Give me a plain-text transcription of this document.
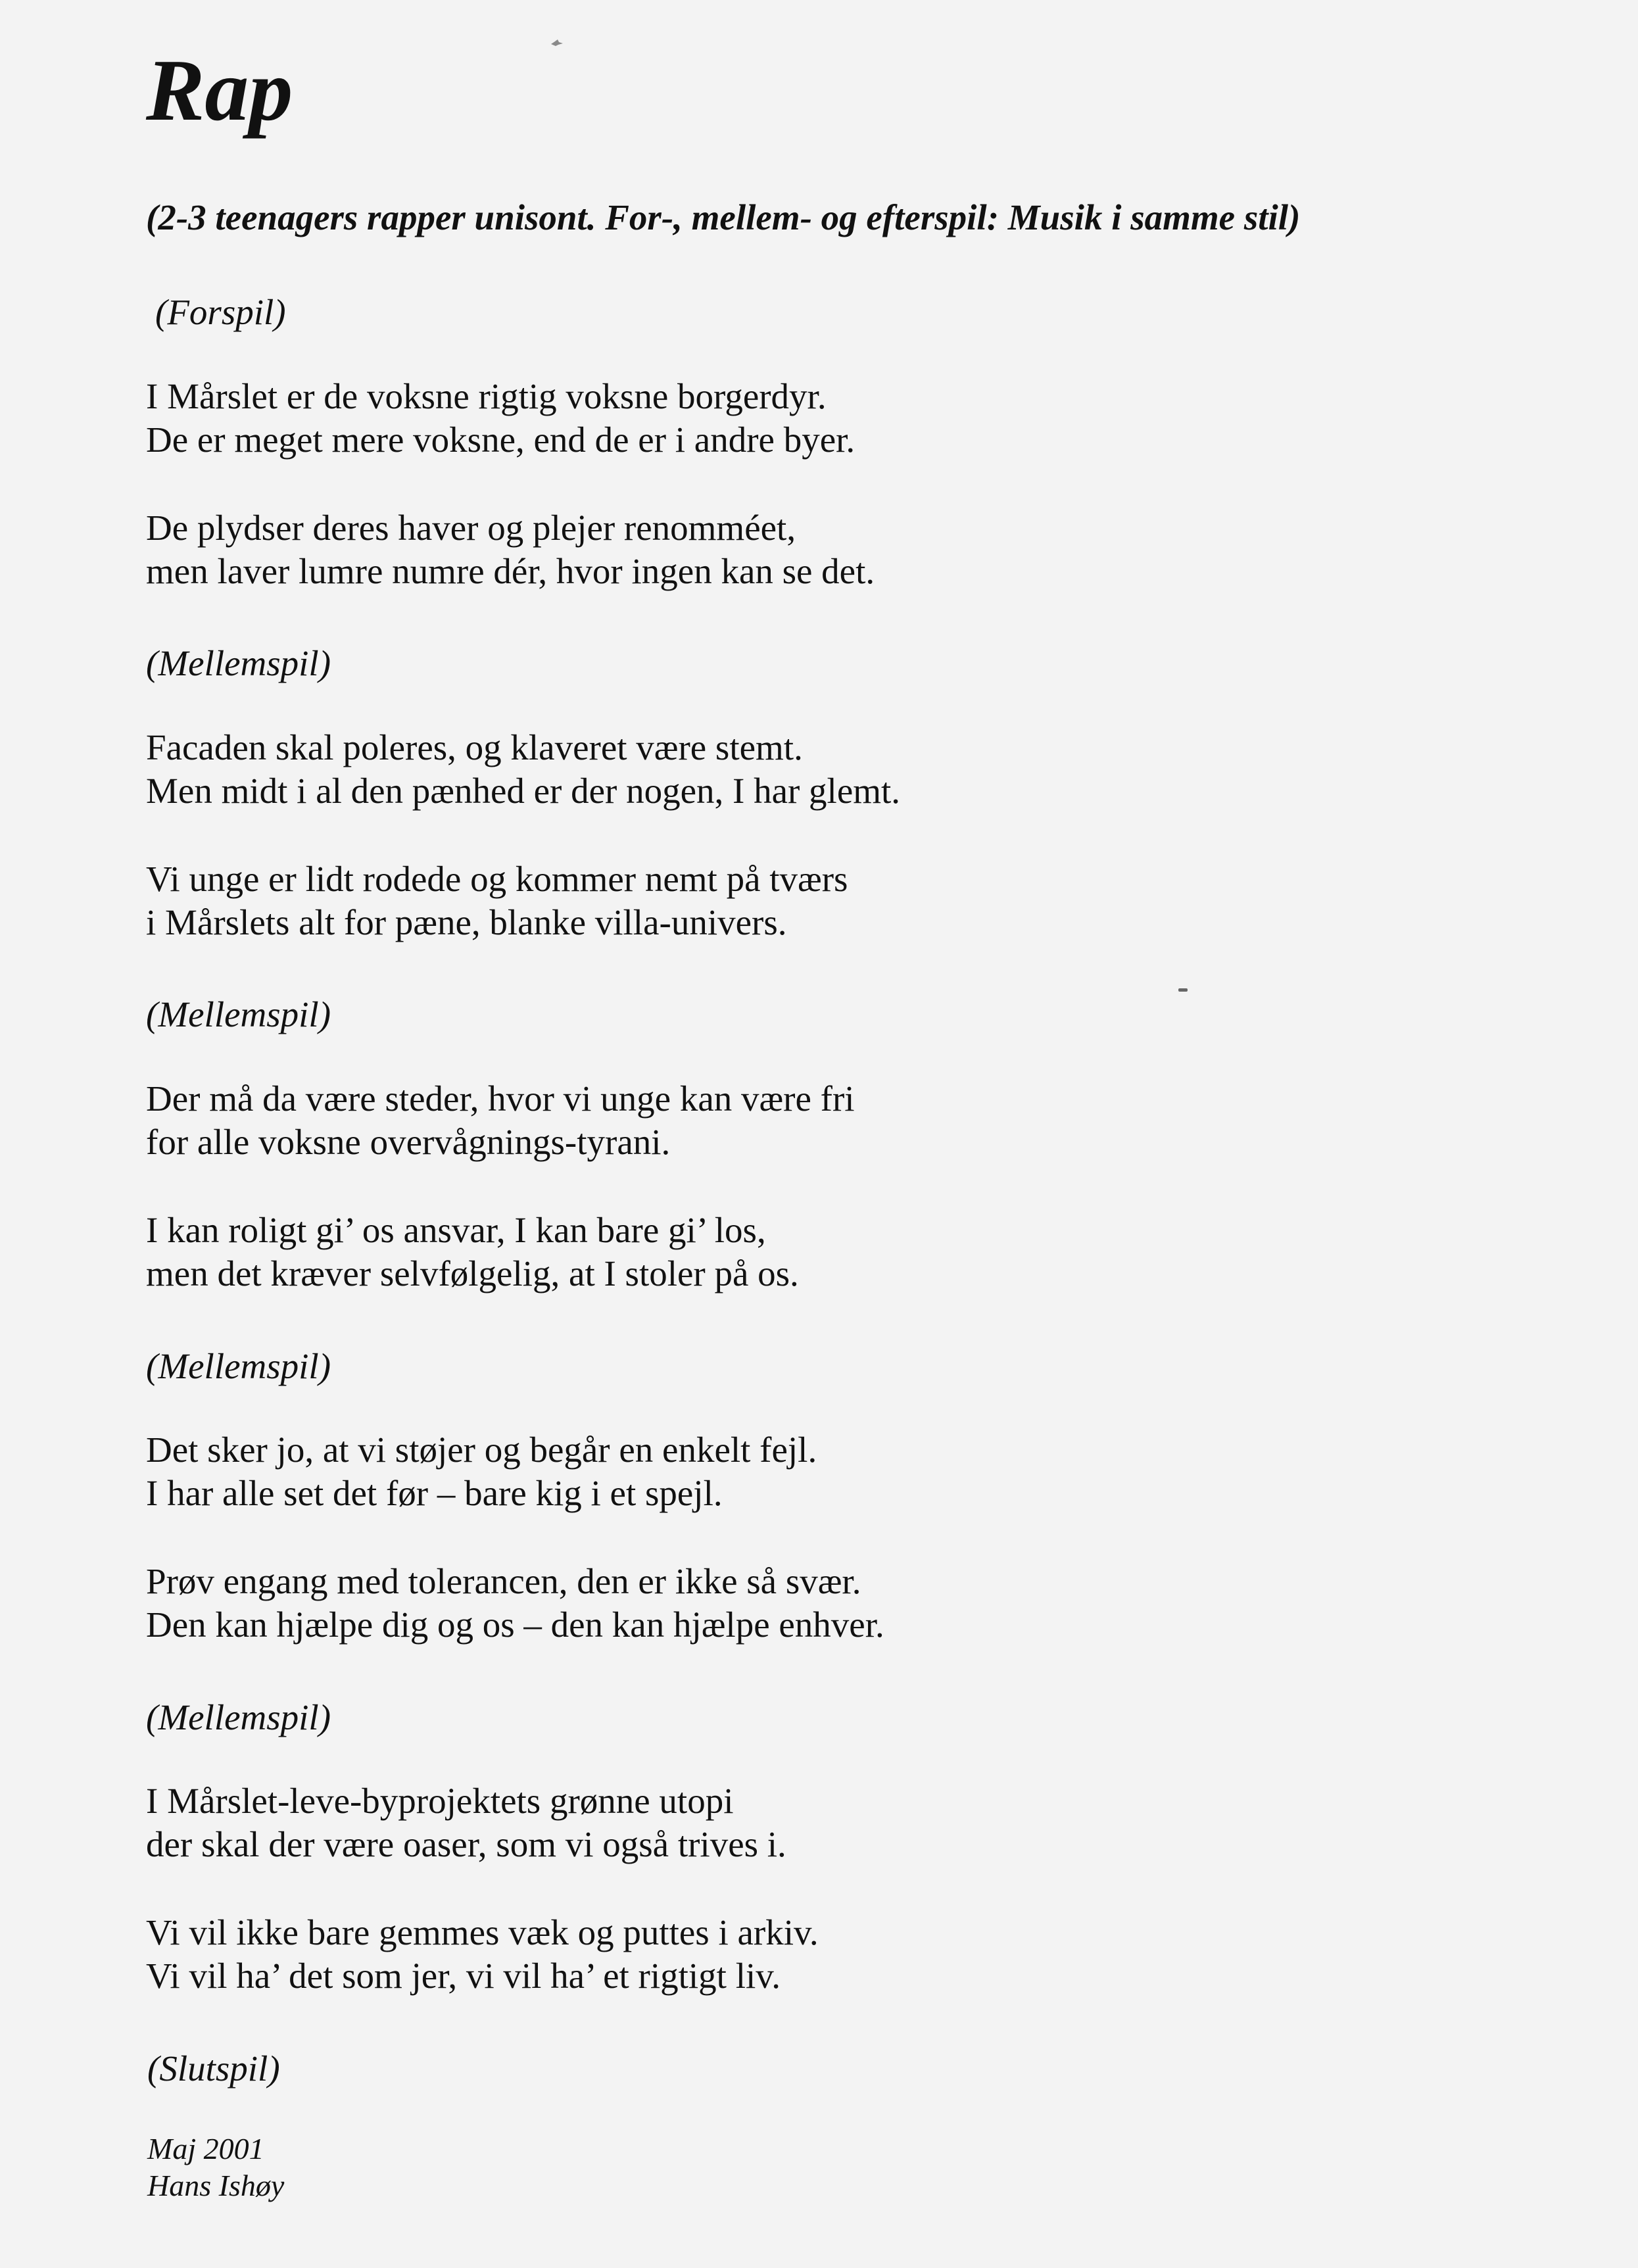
Rap

(2-3 teenagers rapper unisont. For-, mellem- og efterspil: Musik i samme stil)

(Forspil)

I Mårslet er de voksne rigtig voksne borgerdyr.
De er meget mere voksne, end de er i andre byer.
De plydser deres haver og plejer renomméet,
men laver lumre numre dér, hvor ingen kan se det.

(Mellemspil)

Facaden skal poleres, og klaveret være stemt.
Men midt i al den pænhed er der nogen, I har glemt.
Vi unge er lidt rodede og kommer nemt på tværs
i Mårslets alt for pæne, blanke villa-univers.

(Mellemspil)

Der må da være steder, hvor vi unge kan være fri
for alle voksne overvågnings-tyrani.
I kan roligt gi’ os ansvar, I kan bare gi’ los,
men det kræver selvfølgelig, at I stoler på os.

(Mellemspil)

Det sker jo, at vi støjer og begår en enkelt fejl.
I har alle set det før – bare kig i et spejl.
Prøv engang med tolerancen, den er ikke så svær.
Den kan hjælpe dig og os – den kan hjælpe enhver.

(Mellemspil)

I Mårslet-leve-byprojektets grønne utopi
der skal der være oaser, som vi også trives i.
Vi vil ikke bare gemmes væk og puttes i arkiv.
Vi vil ha’ det som jer, vi vil ha’ et rigtigt liv.

(Slutspil)

Maj 2001
Hans Ishøy
